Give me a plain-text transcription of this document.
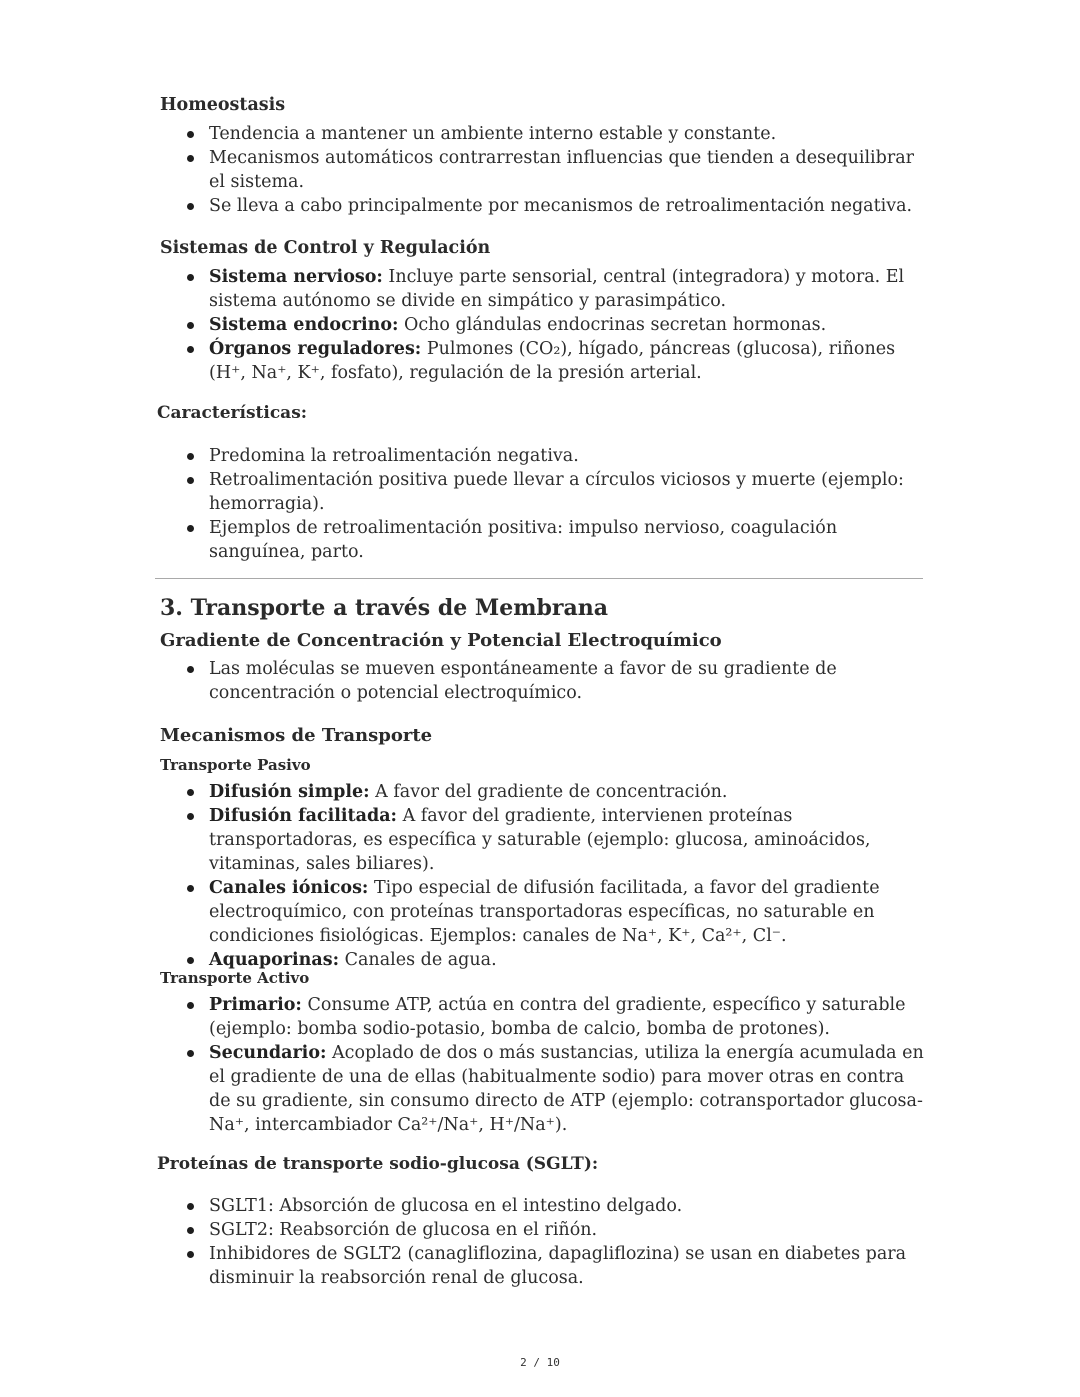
Homeostasis
Tendencia a mantener un ambiente interno estable y constante.
Mecanismos automáticos contrarrestan influencias que tienden a desequilibrar el sistema.
Se lleva a cabo principalmente por mecanismos de retroalimentación negativa.
Sistemas de Control y Regulación
Sistema nervioso: Incluye parte sensorial, central (integradora) y motora. El sistema autónomo se divide en simpático y parasimpático.
Sistema endocrino: Ocho glándulas endocrinas secretan hormonas.
Órganos reguladores: Pulmones (CO₂), hígado, páncreas (glucosa), riñones (H⁺, Na⁺, K⁺, fosfato), regulación de la presión arterial.
Características:
Predomina la retroalimentación negativa.
Retroalimentación positiva puede llevar a círculos viciosos y muerte (ejemplo: hemorragia).
Ejemplos de retroalimentación positiva: impulso nervioso, coagulación sanguínea, parto.
3. Transporte a través de Membrana
Gradiente de Concentración y Potencial Electroquímico
Las moléculas se mueven espontáneamente a favor de su gradiente de concentración o potencial electroquímico.
Mecanismos de Transporte
Transporte Pasivo
Difusión simple: A favor del gradiente de concentración.
Difusión facilitada: A favor del gradiente, intervienen proteínas transportadoras, es específica y saturable (ejemplo: glucosa, aminoácidos, vitaminas, sales biliares).
Canales iónicos: Tipo especial de difusión facilitada, a favor del gradiente electroquímico, con proteínas transportadoras específicas, no saturable en condiciones fisiológicas. Ejemplos: canales de Na⁺, K⁺, Ca²⁺, Cl⁻.
Aquaporinas: Canales de agua.
Transporte Activo
Primario: Consume ATP, actúa en contra del gradiente, específico y saturable (ejemplo: bomba sodio-potasio, bomba de calcio, bomba de protones).
Secundario: Acoplado de dos o más sustancias, utiliza la energía acumulada en el gradiente de una de ellas (habitualmente sodio) para mover otras en contra de su gradiente, sin consumo directo de ATP (ejemplo: cotransportador glucosa-Na⁺, intercambiador Ca²⁺/Na⁺, H⁺/Na⁺).
Proteínas de transporte sodio-glucosa (SGLT):
SGLT1: Absorción de glucosa en el intestino delgado.
SGLT2: Reabsorción de glucosa en el riñón.
Inhibidores de SGLT2 (canagliflozina, dapagliflozina) se usan en diabetes para disminuir la reabsorción renal de glucosa.
2 / 10
